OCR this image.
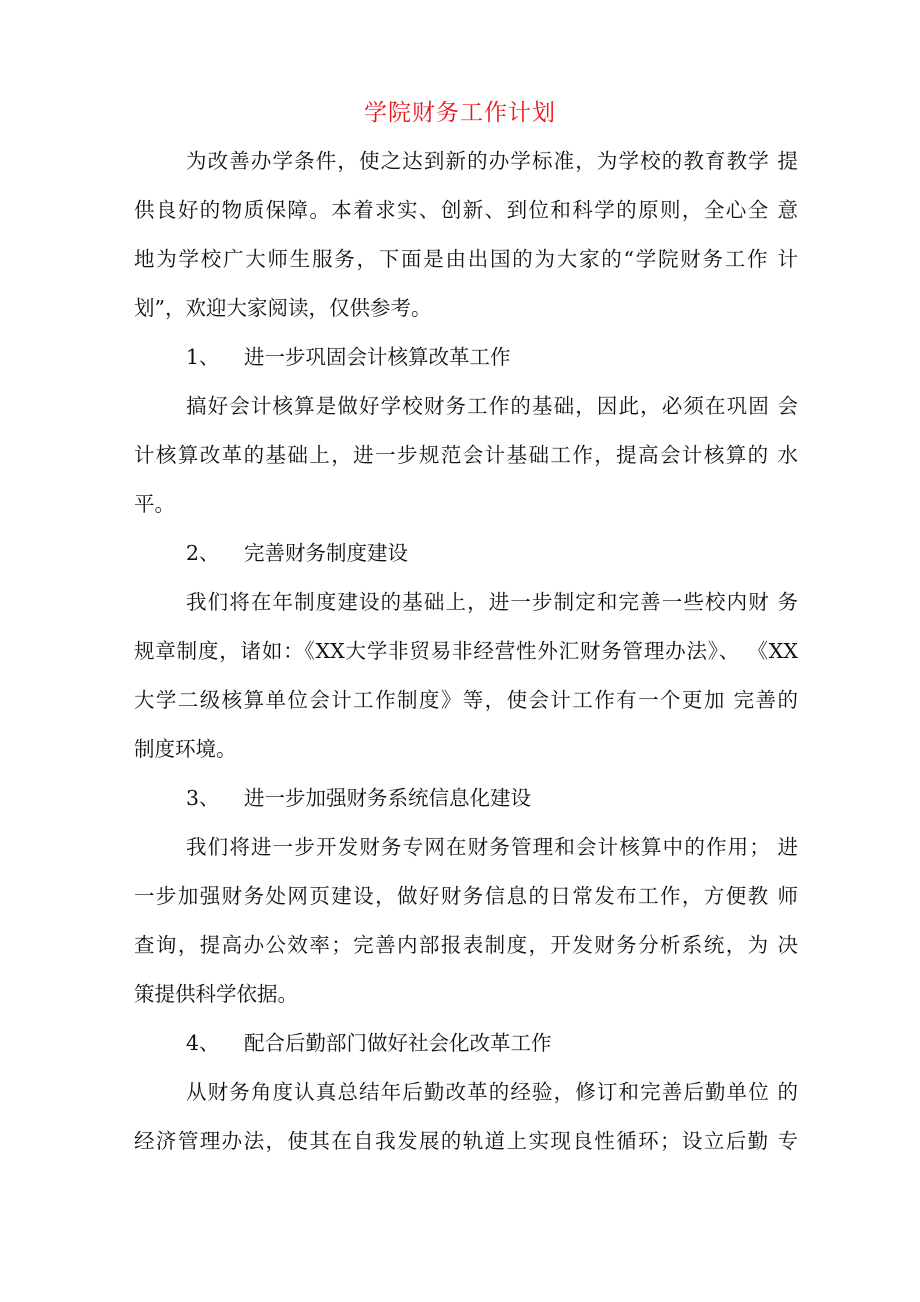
学院财务工作计划
为改善办学条件，使之达到新的办学标准，为学校的教育教学 提
供良好的物质保障。本着求实、创新、到位和科学的原则，全心全 意
地为学校广大师生服务，下面是由出国的为大家的“学院财务工作 计
划”，欢迎大家阅读，仅供参考。
1、 进一步巩固会计核算改革工作
搞好会计核算是做好学校财务工作的基础，因此，必须在巩固 会
计核算改革的基础上，进一步规范会计基础工作，提高会计核算的 水
平。
2、 完善财务制度建设
我们将在年制度建设的基础上，进一步制定和完善一些校内财 务
规章制度，诸如：《XX大学非贸易非经营性外汇财务管理办法》、 《XX
大学二级核算单位会计工作制度》等，使会计工作有一个更加 完善的
制度环境。
3、 进一步加强财务系统信息化建设
我们将进一步开发财务专网在财务管理和会计核算中的作用； 进
一步加强财务处网页建设，做好财务信息的日常发布工作，方便教 师
查询，提高办公效率；完善内部报表制度，开发财务分析系统，为 决
策提供科学依据。
4、 配合后勤部门做好社会化改革工作
从财务角度认真总结年后勤改革的经验，修订和完善后勤单位 的
经济管理办法，使其在自我发展的轨道上实现良性循环；设立后勤 专
